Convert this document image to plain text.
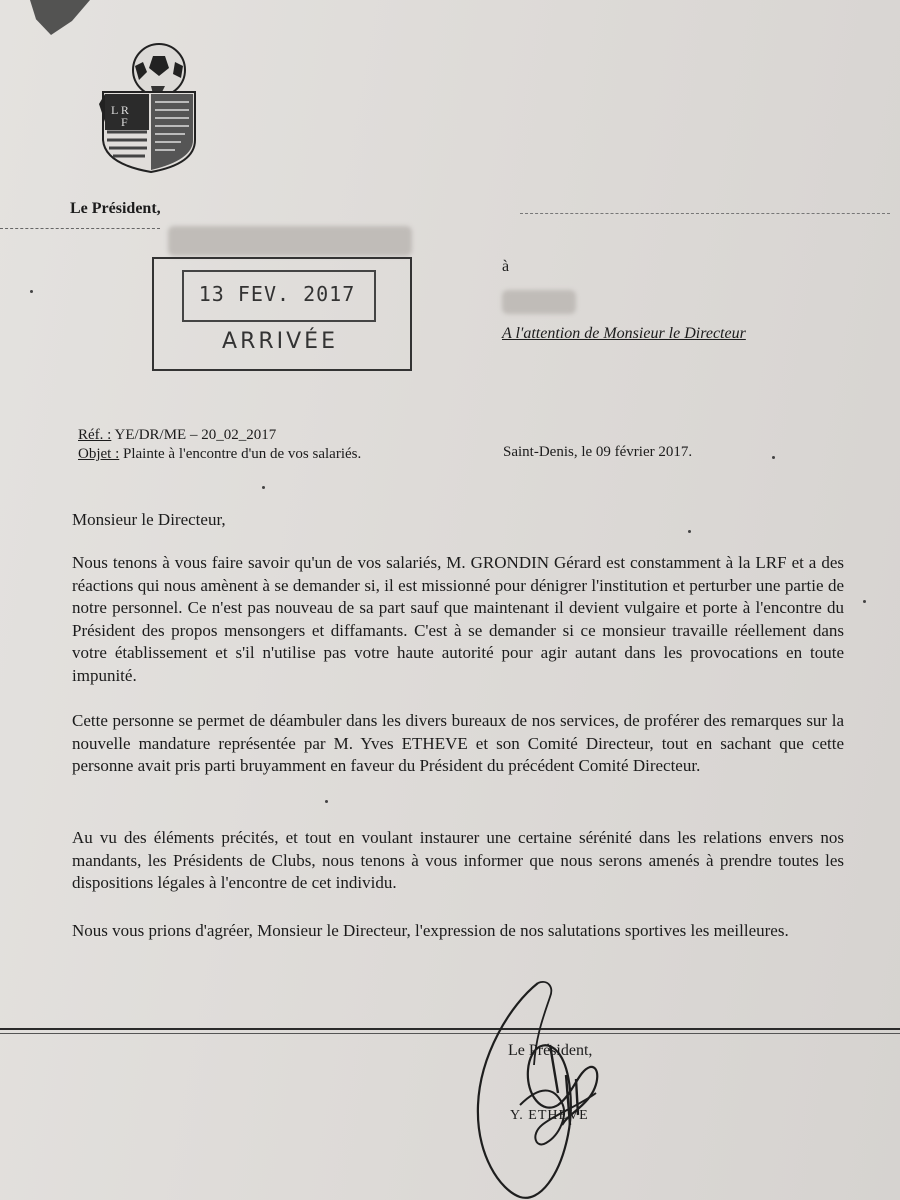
L R
F
Le Président,
13 FEV. 2017
ARRIVÉE
à
A l'attention de Monsieur le Directeur
Réf. : YE/DR/ME – 20_02_2017
Objet : Plainte à l'encontre d'un de vos salariés.	Saint-Denis, le 09 février 2017.
Monsieur le Directeur,
Nous tenons à vous faire savoir qu'un de vos salariés, M. GRONDIN Gérard est constamment à la LRF et a des réactions qui nous amènent à se demander si, il est missionné pour dénigrer l'institution et perturber une partie de notre personnel. Ce n'est pas nouveau de sa part sauf que maintenant il devient vulgaire et porte à l'encontre du Président des propos mensongers et diffamants. C'est à se demander si ce monsieur travaille réellement dans votre établissement et s'il n'utilise pas votre haute autorité pour agir autant dans les provocations en toute impunité.
Cette personne se permet de déambuler dans les divers bureaux de nos services, de proférer des remarques sur la nouvelle mandature représentée par M. Yves ETHEVE et son Comité Directeur, tout en sachant que cette personne avait pris parti bruyamment en faveur du Président du précédent Comité Directeur.
Au vu des éléments précités, et tout en voulant instaurer une certaine sérénité dans les relations envers nos mandants, les Présidents de Clubs, nous tenons à vous informer que nous serons amenés à prendre toutes les dispositions légales à l'encontre de cet individu.
Nous vous prions d'agréer, Monsieur le Directeur, l'expression de nos salutations sportives les meilleures.
Le Président,
Y. ETHEVE
